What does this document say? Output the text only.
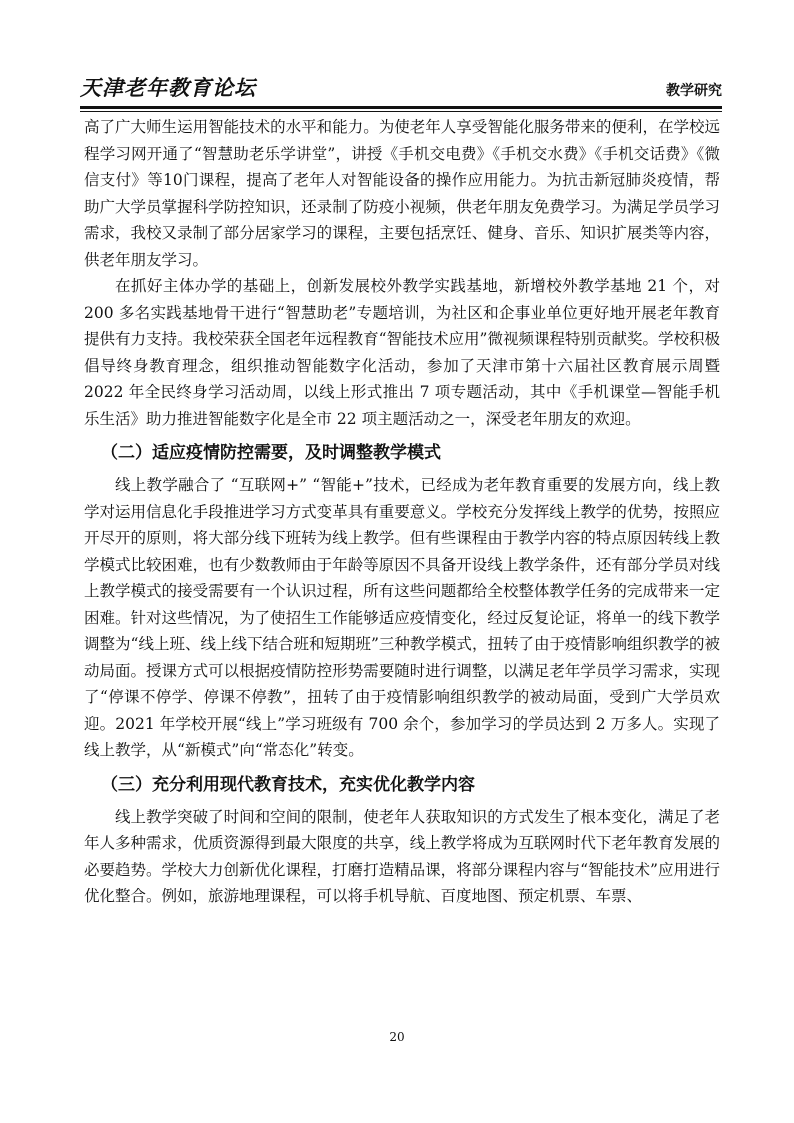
天津老年教育论坛	教学研究

高了广大师生运用智能技术的水平和能力。为使老年人享受智能化服务带来的便利，在学校远程学习网开通了“智慧助老乐学讲堂”，讲授《手机交电费》《手机交水费》《手机交话费》《微信支付》等10门课程，提高了老年人对智能设备的操作应用能力。为抗击新冠肺炎疫情，帮助广大学员掌握科学防控知识，还录制了防疫小视频，供老年朋友免费学习。为满足学员学习需求，我校又录制了部分居家学习的课程，主要包括烹饪、健身、音乐、知识扩展类等内容，供老年朋友学习。

在抓好主体办学的基础上，创新发展校外教学实践基地，新增校外教学基地 21 个，对 200 多名实践基地骨干进行“智慧助老”专题培训，为社区和企事业单位更好地开展老年教育提供有力支持。我校荣获全国老年远程教育“智能技术应用”微视频课程特别贡献奖。学校积极倡导终身教育理念，组织推动智能数字化活动，参加了天津市第十六届社区教育展示周暨 2022 年全民终身学习活动周，以线上形式推出 7 项专题活动，其中《手机课堂—智能手机乐生活》助力推进智能数字化是全市 22 项主题活动之一，深受老年朋友的欢迎。

（二）适应疫情防控需要，及时调整教学模式

线上教学融合了 “互联网+” “智能+”技术，已经成为老年教育重要的发展方向，线上教学对运用信息化手段推进学习方式变革具有重要意义。学校充分发挥线上教学的优势，按照应开尽开的原则，将大部分线下班转为线上教学。但有些课程由于教学内容的特点原因转线上教学模式比较困难，也有少数教师由于年龄等原因不具备开设线上教学条件，还有部分学员对线上教学模式的接受需要有一个认识过程，所有这些问题都给全校整体教学任务的完成带来一定困难。针对这些情况，为了使招生工作能够适应疫情变化，经过反复论证，将单一的线下教学调整为“线上班、线上线下结合班和短期班”三种教学模式，扭转了由于疫情影响组织教学的被动局面。授课方式可以根据疫情防控形势需要随时进行调整，以满足老年学员学习需求，实现了“停课不停学、停课不停教”，扭转了由于疫情影响组织教学的被动局面，受到广大学员欢迎。2021 年学校开展“线上”学习班级有 700 余个，参加学习的学员达到 2 万多人。实现了线上教学，从“新模式”向“常态化”转变。

（三）充分利用现代教育技术，充实优化教学内容

线上教学突破了时间和空间的限制，使老年人获取知识的方式发生了根本变化，满足了老年人多种需求，优质资源得到最大限度的共享，线上教学将成为互联网时代下老年教育发展的必要趋势。学校大力创新优化课程，打磨打造精品课，将部分课程内容与“智能技术”应用进行优化整合。例如，旅游地理课程，可以将手机导航、百度地图、预定机票、车票、

20
